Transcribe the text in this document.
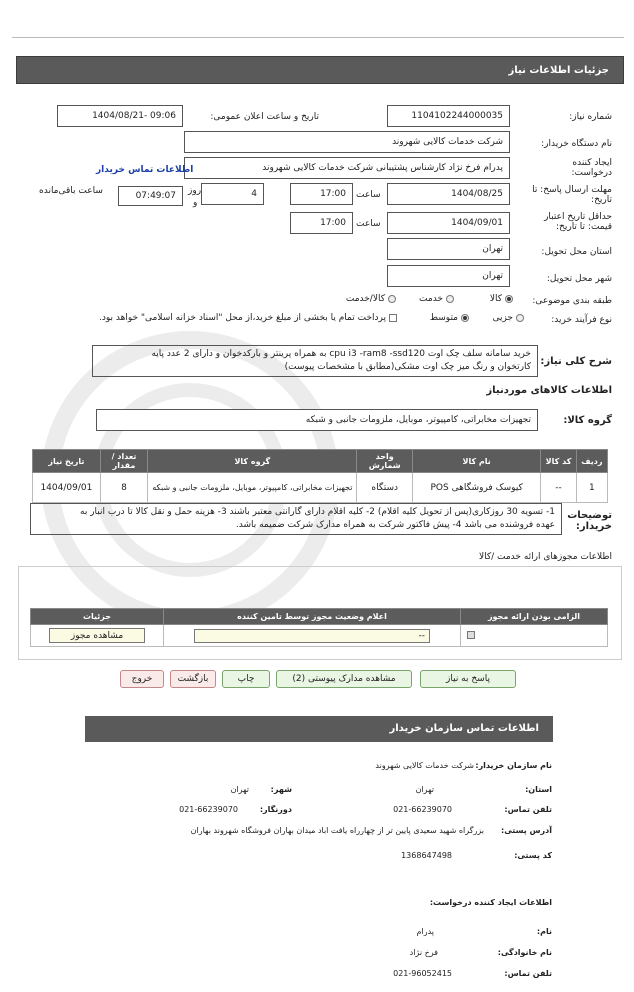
جزئیات اطلاعات نیاز
شماره نیاز:
1104102244000035
تاریخ و ساعت اعلان عمومی:
1404/08/21- 09:06
نام دستگاه خریدار:
شرکت خدمات کالایی شهروند
ایجاد کننده درخواست:
پدرام فرخ نژاد کارشناس پشتیبانی شرکت خدمات کالایی شهروند
اطلاعات تماس خریدار
مهلت ارسال پاسخ: تا تاریخ:
1404/08/25
ساعت
17:00
4
روز
و
07:49:07
ساعت باقی‌مانده
حداقل تاریخ اعتبار قیمت: تا تاریخ:
1404/09/01
ساعت
17:00
استان محل تحویل:
تهران
شهر محل تحویل:
تهران
طبقه بندی موضوعی:
کالا
خدمت
کالا/خدمت
نوع فرآیند خرید:
جزیی
متوسط
پرداخت تمام یا بخشی از مبلغ خرید،از محل "اسناد خزانه اسلامی" خواهد بود.
شرح کلی نیاز:
خرید سامانه سلف چک اوت cpu i3 -ram8 -ssd120 به همراه پرینتر و بارکدخوان و دارای 2 عدد پایه
کارتخوان و رنگ میز چک اوت مشکی(مطابق با مشخصات پیوست)
اطلاعات کالاهای موردنیاز
گروه کالا:
تجهیزات مخابراتی، کامپیوتر، موبایل، ملزومات جانبی و شبکه
ردیف	کد کالا	نام کالا	واحد شمارش	گروه کالا	تعداد / مقدار	تاریخ نیاز
1	--	کیوسک فروشگاهی POS	دستگاه	تجهیزات مخابراتی، کامپیوتر، موبایل، ملزومات جانبی و شبکه	8	1404/09/01
توضیحات خریدار:
1- تسویه 30 روزکاری(پس از تحویل کلیه اقلام) 2- کلیه اقلام دارای گارانتی معتبر باشند 3- هزینه حمل و نقل کالا تا درب انبار به
عهده فروشنده می باشد 4- پیش فاکتور شرکت به همراه مدارک شرکت ضمیمه باشد.
اطلاعات مجوزهای ارائه خدمت /کالا
الزامی بودن ارائه مجوز	اعلام وضعیت مجوز توسط تامین کننده	جزئیات

	--	مشاهده مجوز
پاسخ به نیاز
مشاهده مدارک پیوستی (2)
چاپ
بازگشت
خروج
اطلاعات تماس سازمان خریدار
نام سازمان خریدار:
شرکت خدمات کالایی شهروند
استان:
تهران
شهر:
تهران
تلفن تماس:
021-66239070
دورنگار:
021-66239070
آدرس پستی:
بزرگراه شهید سعیدی پایین تر از چهارراه یافت اباد میدان بهاران فروشگاه شهروند بهاران
کد پستی:
1368647498
اطلاعات ایجاد کننده درخواست:
نام:
پدرام
نام خانوادگی:
فرخ نژاد
تلفن تماس:
021-96052415
